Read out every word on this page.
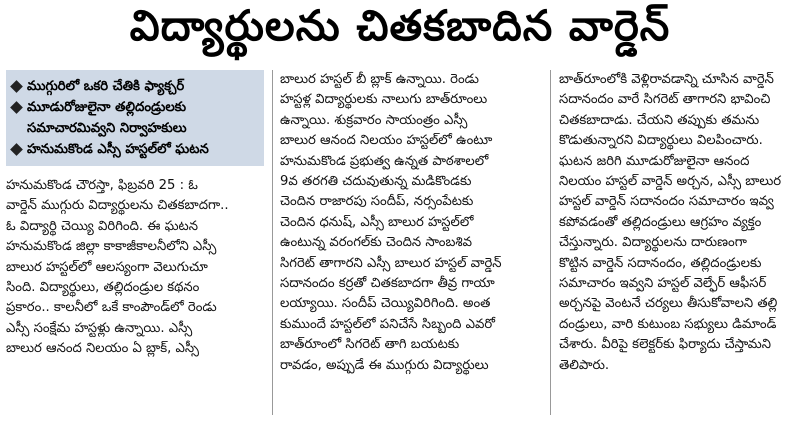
విద్యార్థులను చితకబాదిన వార్డెన్
ముగ్గురిలో ఒకరి చేతికి ఫ్యాక్చర్
మూడురోజులైనా తల్లిదండ్రులకు
సమాచారమివ్వని నిర్వాహకులు
హనుమకొండ ఎస్సీ హస్టల్‌లో ఘటన
హనుమకొండ చౌరస్తా, ఫిబ్రవరి 25 : ఓ
వార్డెన్ ముగ్గురు విద్యార్థులను చితకబాదగా..
ఓ విద్యార్థి చెయ్యి విరిగింది. ఈ ఘటన
హనుమకొండ జిల్లా కాకాజీకాలనీలోని ఎస్సీ
బాలుర హస్టల్‌లో ఆలస్యంగా వెలుగుచూ
సింది. విద్యార్థులు, తల్లిదండ్రుల కథనం
ప్రకారం.. కాలనీలో ఒకే కాంపౌండ్‌లో రెండు
ఎస్సీ సంక్షేమ హస్టళ్లు ఉన్నాయి. ఎస్సీ
బాలుర ఆనంద నిలయం ఏ బ్లాక్, ఎస్సీ
బాలుర హస్టల్ బీ బ్లాక్ ఉన్నాయి. రెండు
హస్టళ్ల విద్యార్థులకు నాలుగు బాత్‌రూంలు
ఉన్నాయి. శుక్రవారం సాయంత్రం ఎస్సీ
బాలుర ఆనంద నిలయం హస్టల్‌లో ఉంటూ
హనుమకొండ ప్రభుత్వ ఉన్నత పాఠశాలలో
9వ తరగతి చదువుతున్న మడికొండకు
చెందిన రాజారపు సందీప్, నర్సంపేటకు
చెందిన ధనుష్, ఎస్సీ బాలుర హస్టల్‌లో
ఉంటున్న వరంగల్‌కు చెందిన సాంబశివ
సిగరెట్ తాగారని ఎస్సీ బాలుర హస్టల్ వార్డెన్
సదానందం కర్రతో చితకబాదగా తీవ్ర గాయా
లయ్యాయి. సందీప్ చెయ్యివిరిగింది. అంత
కుముందే హస్టల్‌లో పనిచేసే సిబ్బంది ఎవరో
బాత్‌రూంలో సిగరెట్ తాగి బయటకు
రావడం, అప్పుడే ఈ ముగ్గురు విద్యార్థులు
బాత్‌రూంలోకి వెళ్లిరావడాన్ని చూసిన వార్డెన్
సదానందం వారే సిగరెట్ తాగారని భావించి
చితకబాదాడు. చేయని తప్పుకు తమను
కొడుతున్నారని విద్యార్థులు విలపించారు.
ఘటన జరిగి మూడురోజులైనా ఆనంద
నిలయం హస్టల్ వార్డెన్ అర్చన, ఎస్సీ బాలుర
హస్టల్ వార్డెన్ సదానందం సమాచారం ఇవ్వ
కపోవడంతో తల్లిదండ్రులు ఆగ్రహం వ్యక్తం
చేస్తున్నారు. విద్యార్థులను దారుణంగా
కొట్టిన వార్డెన్ సదానందం, తల్లిదండ్రులకు
సమాచారం ఇవ్వని హస్టల్ వెల్ఫేర్ ఆఫీసర్
అర్చనపై వెంటనే చర్యలు తీసుకోవాలని తల్లి
దండ్రులు, వారి కుటుంబ సభ్యులు డిమాండ్
చేశారు. వీరిపై కలెక్టర్‌కు ఫిర్యాదు చేస్తామని
తెలిపారు.
